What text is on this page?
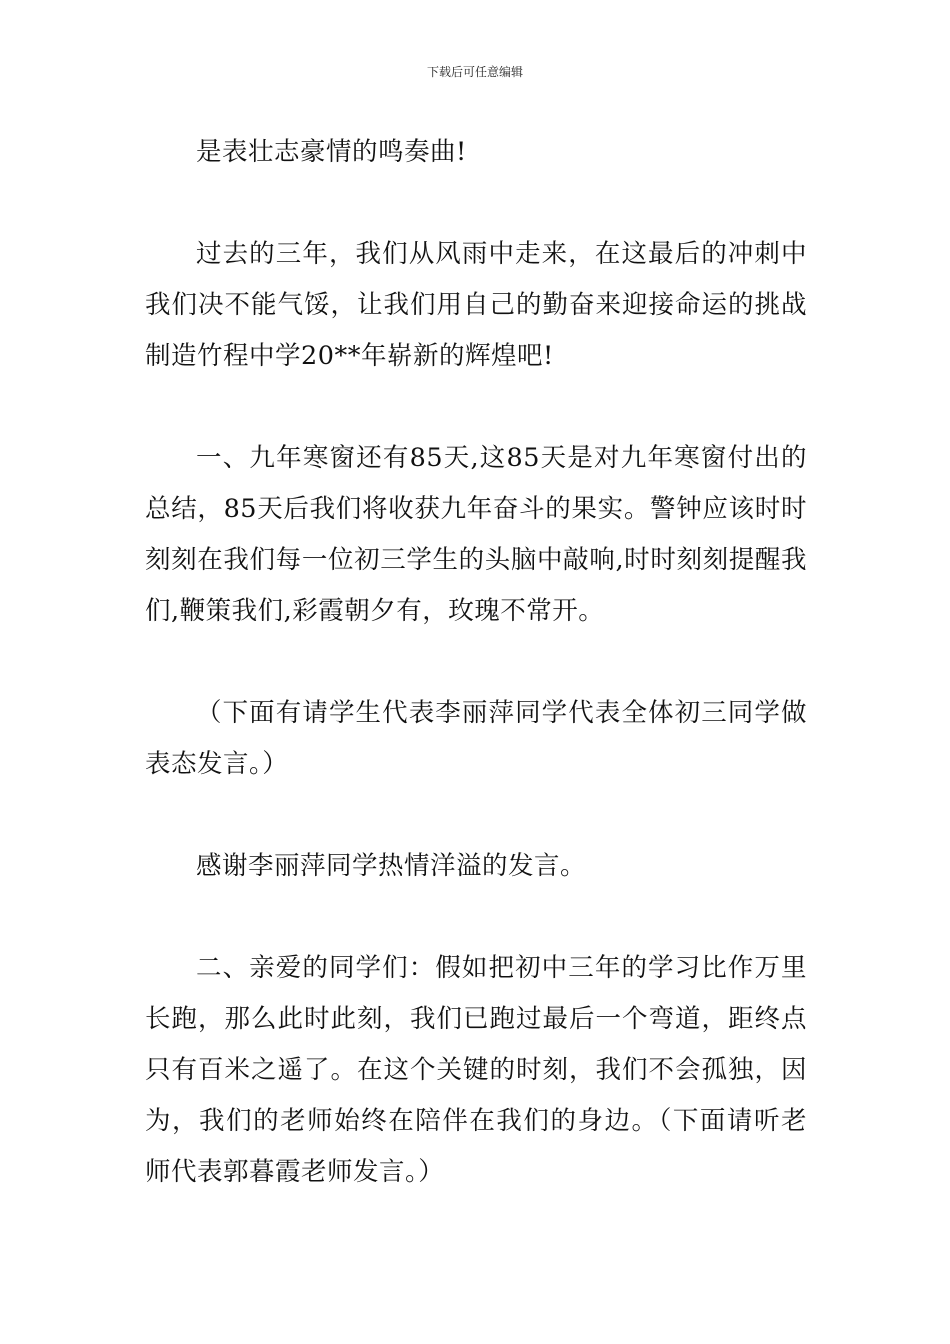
下载后可任意编辑

是表壮志豪情的鸣奏曲!

过去的三年，我们从风雨中走来，在这最后的冲刺中我们决不能气馁，让我们用自己的勤奋来迎接命运的挑战制造竹程中学20**年崭新的辉煌吧!

一、九年寒窗还有85天,这85天是对九年寒窗付出的总结，85天后我们将收获九年奋斗的果实。警钟应该时时刻刻在我们每一位初三学生的头脑中敲响,时时刻刻提醒我们,鞭策我们,彩霞朝夕有，玫瑰不常开。

（下面有请学生代表李丽萍同学代表全体初三同学做表态发言。）

感谢李丽萍同学热情洋溢的发言。

二、亲爱的同学们：假如把初中三年的学习比作万里长跑，那么此时此刻，我们已跑过最后一个弯道，距终点只有百米之遥了。在这个关键的时刻，我们不会孤独，因为，我们的老师始终在陪伴在我们的身边。（下面请听老师代表郭暮霞老师发言。）
